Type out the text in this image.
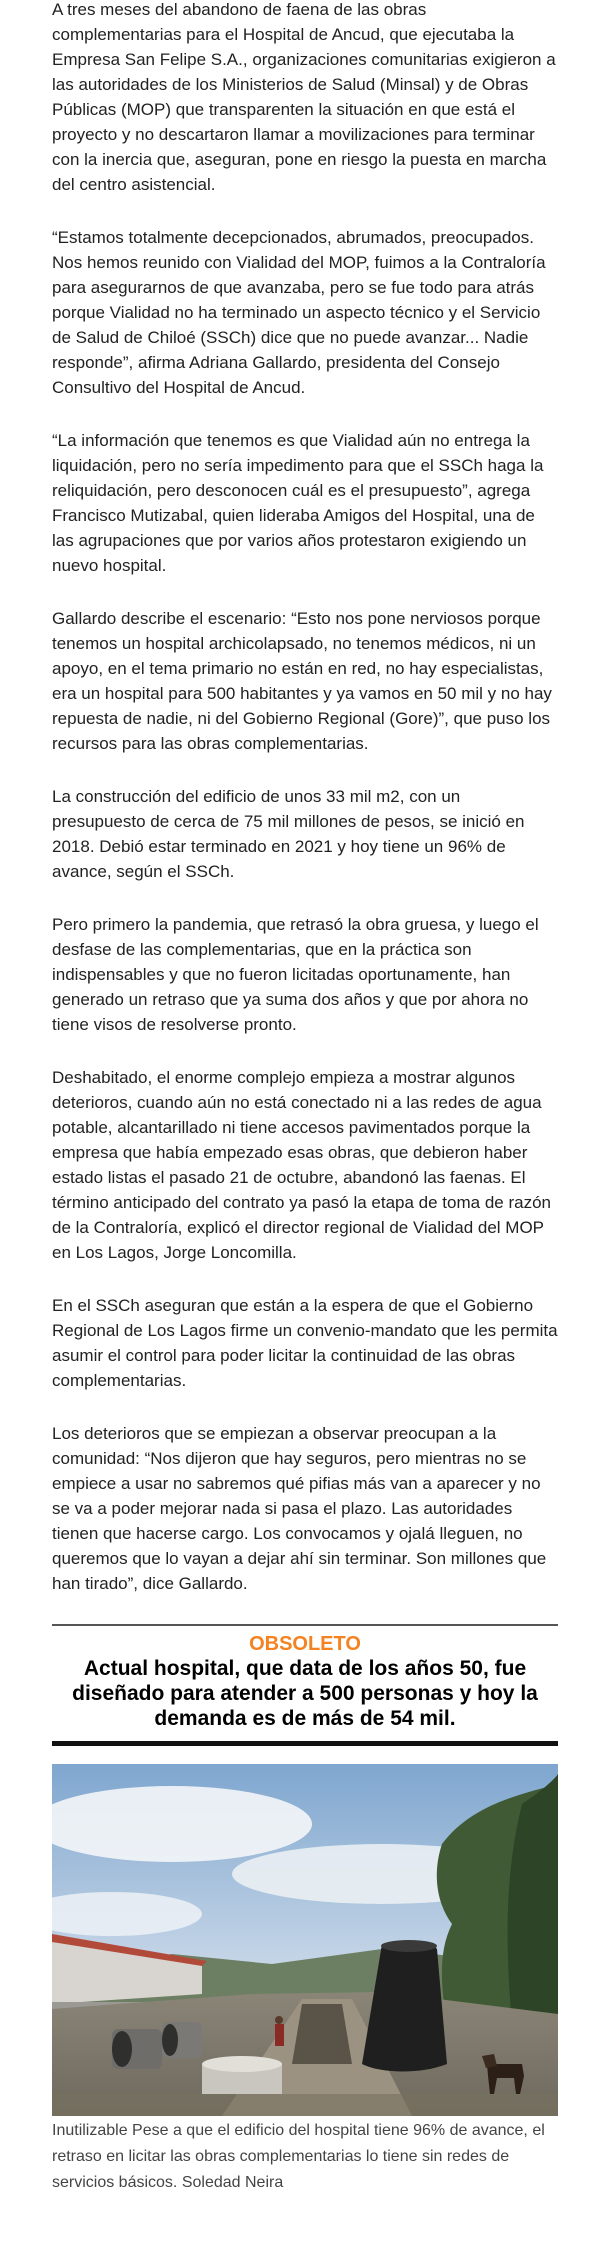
A tres meses del abandono de faena de las obras complementarias para el Hospital de Ancud, que ejecutaba la Empresa San Felipe S.A., organizaciones comunitarias exigieron a las autoridades de los Ministerios de Salud (Minsal) y de Obras Públicas (MOP) que transparenten la situación en que está el proyecto y no descartaron llamar a movilizaciones para terminar con la inercia que, aseguran, pone en riesgo la puesta en marcha del centro asistencial.

“Estamos totalmente decepcionados, abrumados, preocupados. Nos hemos reunido con Vialidad del MOP, fuimos a la Contraloría para asegurarnos de que avanzaba, pero se fue todo para atrás porque Vialidad no ha terminado un aspecto técnico y el Servicio de Salud de Chiloé (SSCh) dice que no puede avanzar... Nadie responde”, afirma Adriana Gallardo, presidenta del Consejo Consultivo del Hospital de Ancud.

“La información que tenemos es que Vialidad aún no entrega la liquidación, pero no sería impedimento para que el SSCh haga la reliquidación, pero desconocen cuál es el presupuesto”, agrega Francisco Mutizabal, quien lideraba Amigos del Hospital, una de las agrupaciones que por varios años protestaron exigiendo un nuevo hospital.

Gallardo describe el escenario: “Esto nos pone nerviosos porque tenemos un hospital archicolapsado, no tenemos médicos, ni un apoyo, en el tema primario no están en red, no hay especialistas, era un hospital para 500 habitantes y ya vamos en 50 mil y no hay repuesta de nadie, ni del Gobierno Regional (Gore)”, que puso los recursos para las obras complementarias.

La construcción del edificio de unos 33 mil m2, con un presupuesto de cerca de 75 mil millones de pesos, se inició en 2018. Debió estar terminado en 2021 y hoy tiene un 96% de avance, según el SSCh.

Pero primero la pandemia, que retrasó la obra gruesa, y luego el desfase de las complementarias, que en la práctica son indispensables y que no fueron licitadas oportunamente, han generado un retraso que ya suma dos años y que por ahora no tiene visos de resolverse pronto.

Deshabitado, el enorme complejo empieza a mostrar algunos deterioros, cuando aún no está conectado ni a las redes de agua potable, alcantarillado ni tiene accesos pavimentados porque la empresa que había empezado esas obras, que debieron haber estado listas el pasado 21 de octubre, abandonó las faenas. El término anticipado del contrato ya pasó la etapa de toma de razón de la Contraloría, explicó el director regional de Vialidad del MOP en Los Lagos, Jorge Loncomilla.

En el SSCh aseguran que están a la espera de que el Gobierno Regional de Los Lagos firme un convenio-mandato que les permita asumir el control para poder licitar la continuidad de las obras complementarias.

Los deterioros que se empiezan a observar preocupan a la comunidad: “Nos dijeron que hay seguros, pero mientras no se empiece a usar no sabremos qué pifias más van a aparecer y no se va a poder mejorar nada si pasa el plazo. Las autoridades tienen que hacerse cargo. Los convocamos y ojalá lleguen, no queremos que lo vayan a dejar ahí sin terminar. Son millones que han tirado”, dice Gallardo.

OBSOLETO
Actual hospital, que data de los años 50, fue diseñado para atender a 500 personas y hoy la demanda es de más de 54 mil.
Inutilizable Pese a que el edificio del hospital tiene 96% de avance, el retraso en licitar las obras complementarias lo tiene sin redes de servicios básicos. Soledad Neira
